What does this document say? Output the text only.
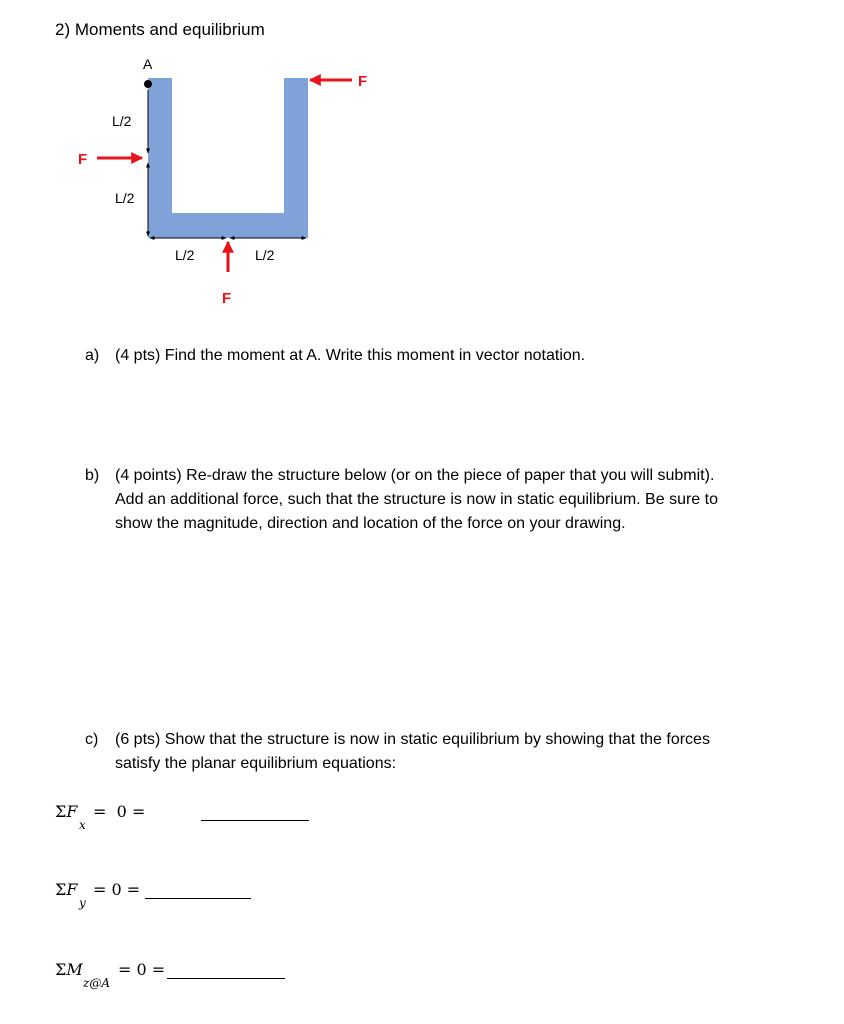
2) Moments and equilibrium
A
L/2
L/2
L/2	L/2
F
F
F
a) (4 pts) Find the moment at A. Write this moment in vector notation.
b) (4 points) Re-draw the structure below (or on the piece of paper that you will submit).
Add an additional force, such that the structure is now in static equilibrium. Be sure to
show the magnitude, direction and location of the force on your drawing.
c) (6 pts) Show that the structure is now in static equilibrium by showing that the forces
satisfy the planar equilibrium equations:
ΣF
x
=  0 =
ΣF
y
= 0 =
ΣM
z@A
= 0 =
